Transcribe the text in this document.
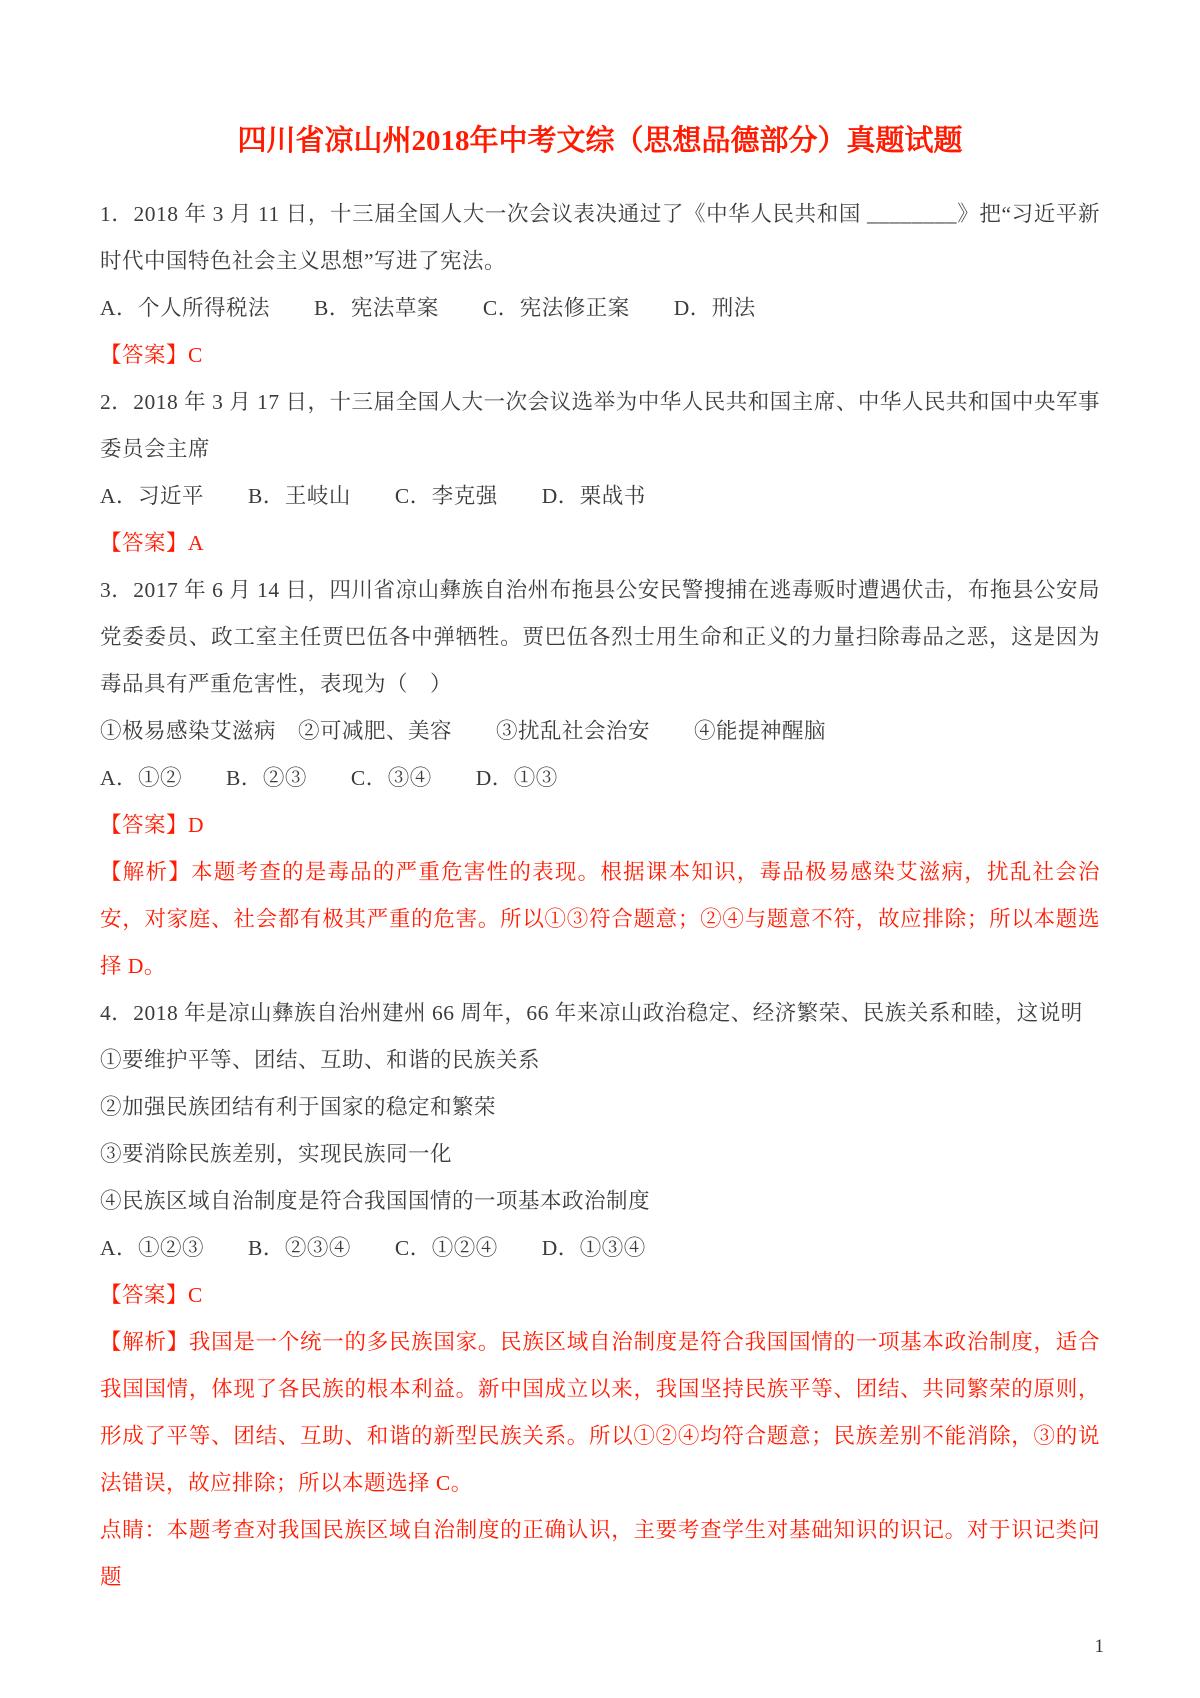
四川省凉山州2018年中考文综（思想品德部分）真题试题

1．2018 年 3 月 11 日，十三届全国人大一次会议表决通过了《中华人民共和国 ________》把“习近平新时代中国特色社会主义思想”写进了宪法。

A．个人所得税法　　B．宪法草案　　C．宪法修正案　　D．刑法

【答案】C

2．2018 年 3 月 17 日，十三届全国人大一次会议选举为中华人民共和国主席、中华人民共和国中央军事委员会主席

A．习近平　　B．王岐山　　C．李克强　　D．栗战书

【答案】A

3．2017 年 6 月 14 日，四川省凉山彝族自治州布拖县公安民警搜捕在逃毒贩时遭遇伏击，布拖县公安局党委委员、政工室主任贾巴伍各中弹牺牲。贾巴伍各烈士用生命和正义的力量扫除毒品之恶，这是因为毒品具有严重危害性，表现为（　）

①极易感染艾滋病　②可减肥、美容　　③扰乱社会治安　　④能提神醒脑

A．①②　　B．②③　　C．③④　　D．①③

【答案】D

【解析】本题考查的是毒品的严重危害性的表现。根据课本知识，毒品极易感染艾滋病，扰乱社会治安，对家庭、社会都有极其严重的危害。所以①③符合题意；②④与题意不符，故应排除；所以本题选择 D。

4．2018 年是凉山彝族自治州建州 66 周年，66 年来凉山政治稳定、经济繁荣、民族关系和睦，这说明

①要维护平等、团结、互助、和谐的民族关系

②加强民族团结有利于国家的稳定和繁荣

③要消除民族差别，实现民族同一化

④民族区域自治制度是符合我国国情的一项基本政治制度

A．①②③　　B．②③④　　C．①②④　　D．①③④

【答案】C

【解析】我国是一个统一的多民族国家。民族区域自治制度是符合我国国情的一项基本政治制度，适合我国国情，体现了各民族的根本利益。新中国成立以来，我国坚持民族平等、团结、共同繁荣的原则，形成了平等、团结、互助、和谐的新型民族关系。所以①②④均符合题意；民族差别不能消除，③的说法错误，故应排除；所以本题选择 C。

点睛：本题考查对我国民族区域自治制度的正确认识，主要考查学生对基础知识的识记。对于识记类问题

1
